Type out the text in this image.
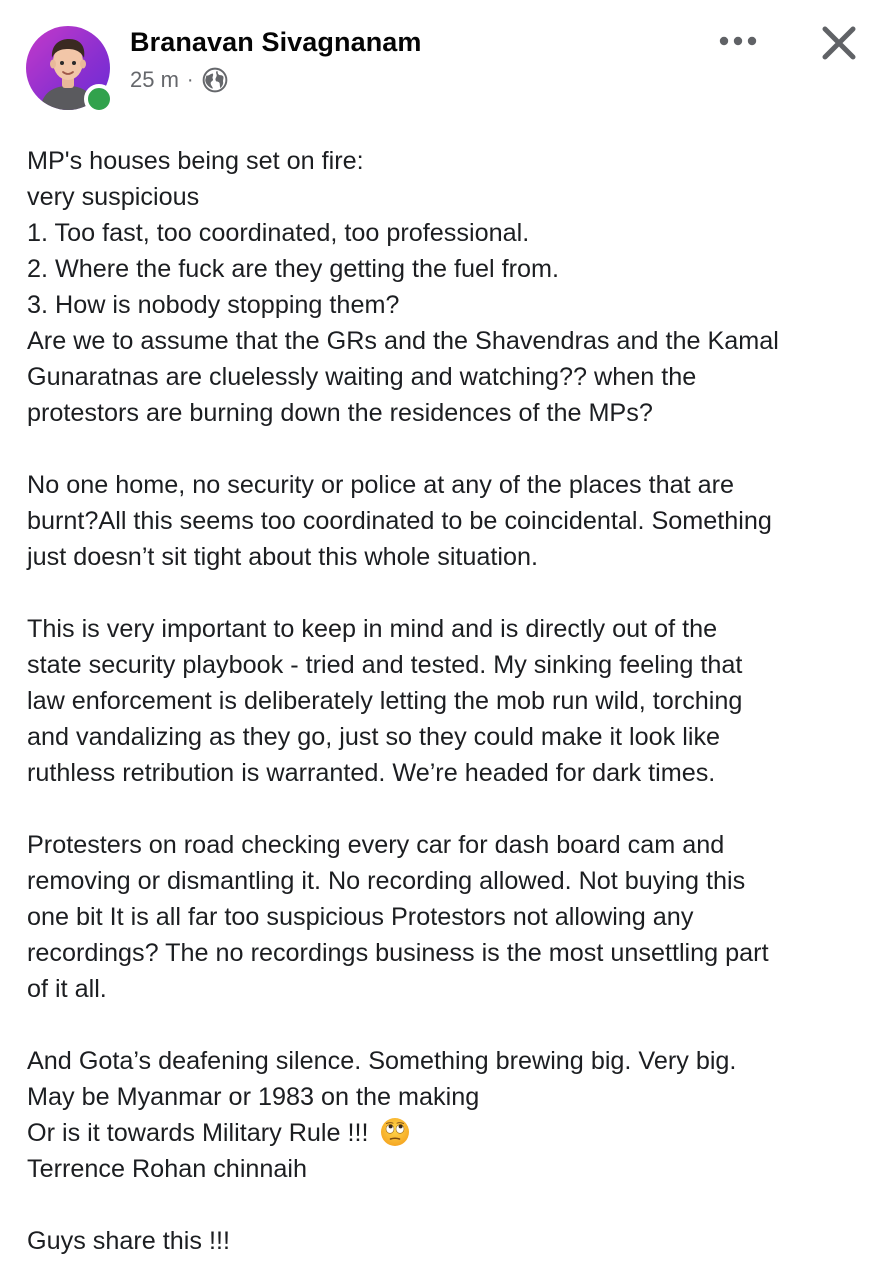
Branavan Sivagnanam
25 m ·
MP's houses being set on fire:
very suspicious
1. Too fast, too coordinated, too professional.
2. Where the fuck are they getting the fuel from.
3. How is nobody stopping them?
Are we to assume that the GRs and the Shavendras and the Kamal
Gunaratnas are cluelessly waiting and watching?? when the
protestors are burning down the residences of the MPs?
No one home, no security or police at any of the places that are
burnt?All this seems too coordinated to be coincidental. Something
just doesn’t sit tight about this whole situation.
This is very important to keep in mind and is directly out of the
state security playbook - tried and tested. My sinking feeling that
law enforcement is deliberately letting the mob run wild, torching
and vandalizing as they go, just so they could make it look like
ruthless retribution is warranted. We’re headed for dark times.
Protesters on road checking every car for dash board cam and
removing or dismantling it. No recording allowed. Not buying this
one bit It is all far too suspicious Protestors not allowing any
recordings? The no recordings business is the most unsettling part
of it all.
And Gota’s deafening silence. Something brewing big. Very big.
May be Myanmar or 1983 on the making
Or is it towards Military Rule !!!
Terrence Rohan chinnaih
Guys share this !!!
